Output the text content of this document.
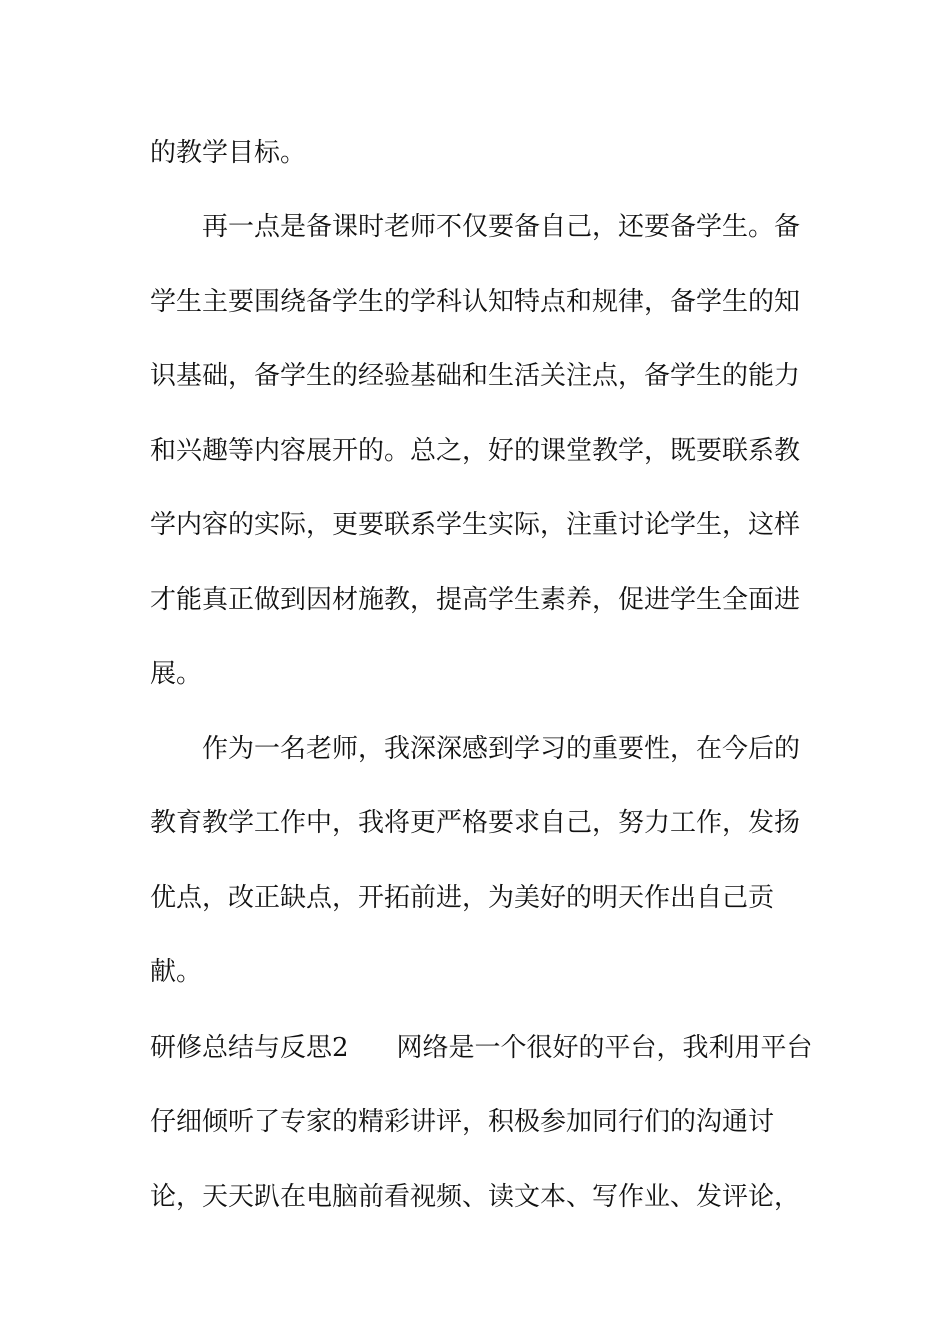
的教学目标。
再一点是备课时老师不仅要备自己，还要备学生。备
学生主要围绕备学生的学科认知特点和规律，备学生的知
识基础，备学生的经验基础和生活关注点，备学生的能力
和兴趣等内容展开的。总之，好的课堂教学，既要联系教
学内容的实际，更要联系学生实际，注重讨论学生，这样
才能真正做到因材施教，提高学生素养，促进学生全面进
展。
作为一名老师，我深深感到学习的重要性，在今后的
教育教学工作中，我将更严格要求自己，努力工作，发扬
优点，改正缺点，开拓前进，为美好的明天作出自己贡
献。
研修总结与反思2 网络是一个很好的平台，我利用平台
仔细倾听了专家的精彩讲评，积极参加同行们的沟通讨
论，天天趴在电脑前看视频、读文本、写作业、发评论，
